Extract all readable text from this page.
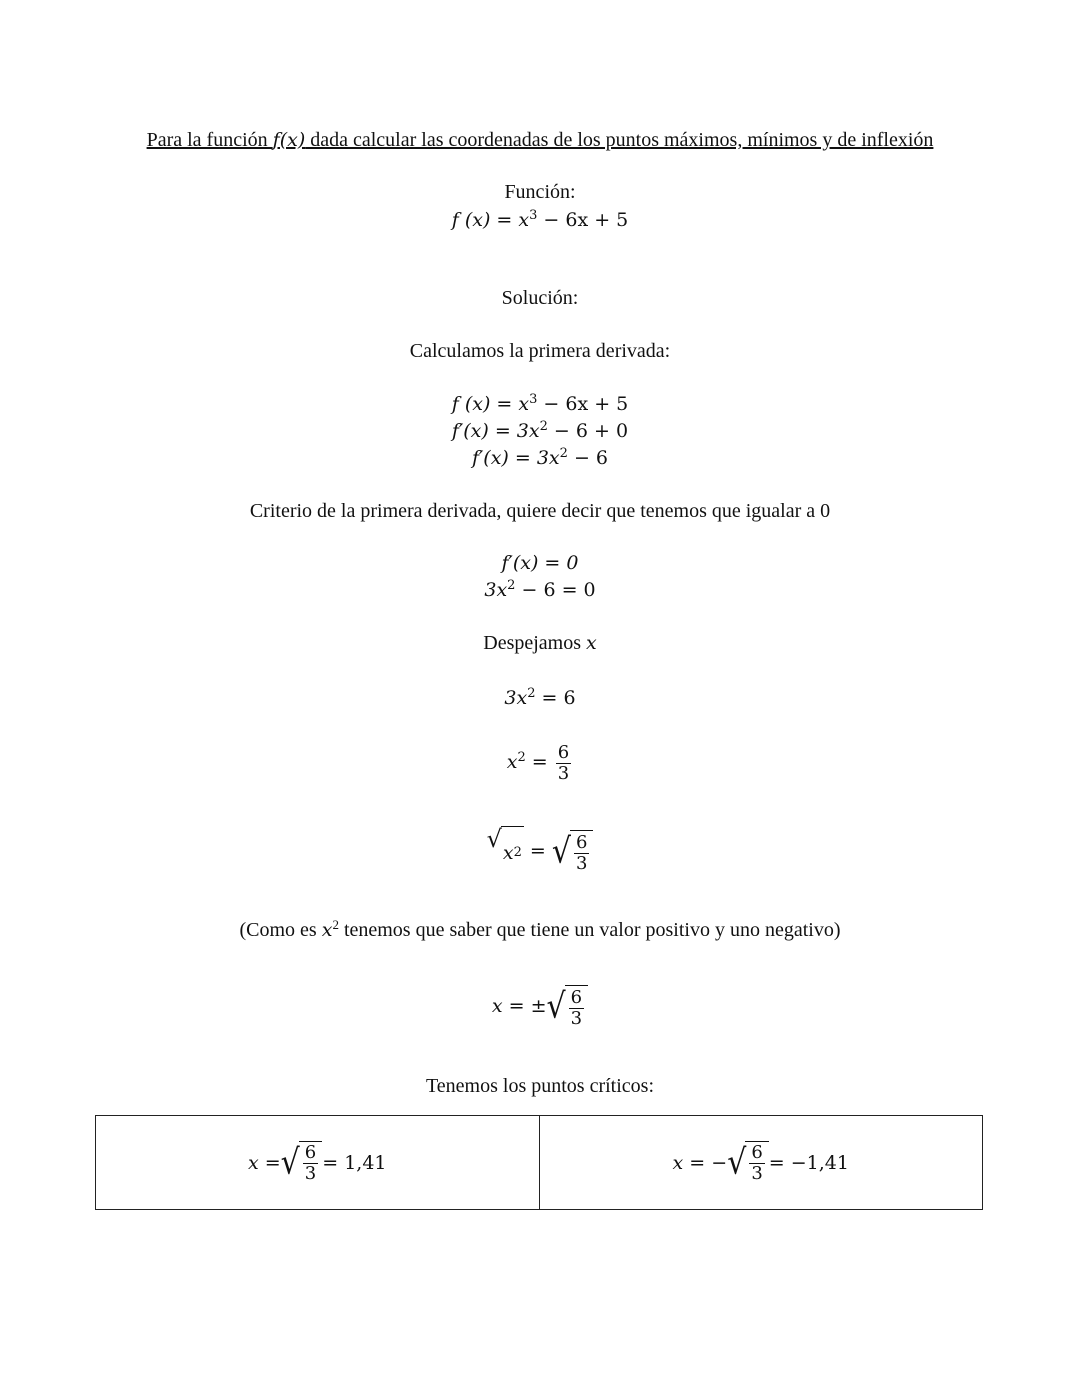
Para la función f(x) dada calcular las coordenadas de los puntos máximos, mínimos y de inflexión
Función:
f $(x) = x^3 - 6x + 5$
Solución:
Calculamos la primera derivada:
f $(x) = x^3 - 6x + 5$
$f'(x) = 3x^2 - 6 + 0$
$f'(x) = 3x^2 - 6$
Criterio de la primera derivada, quiere decir que tenemos que igualar a 0
f′(x) = 0
$3x^2 - 6 = 0$
Despejamos x
$3x^2 = 6$
$x^2 = \frac{6}{3}$
√ x 2 = √ $\frac{6}{3}$
(Como es $x^2$ tenemos que saber que tiene un valor positivo y uno negativo)
x = ± √ $\frac{6}{3}$
Tenemos los puntos críticos:
x = √ $\frac{6}{3} = 1,41$	x = − √ $\frac{6}{3} = -1,41$
